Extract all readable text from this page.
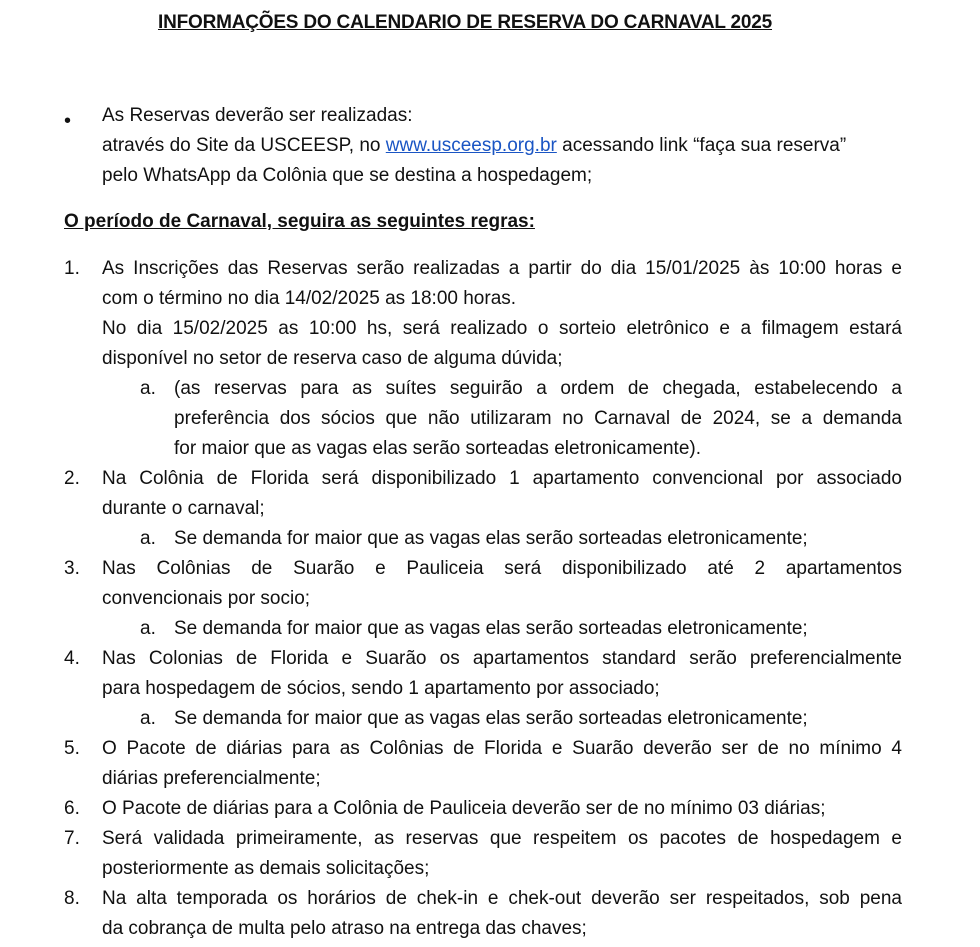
INFORMAÇÕES DO CALENDARIO DE RESERVA DO CARNAVAL 2025
• As Reservas deverão ser realizadas:
através do Site da USCEESP, no www.usceesp.org.br acessando link “faça sua reserva”
pelo WhatsApp da Colônia que se destina a hospedagem;
O período de Carnaval, seguira as seguintes regras:
1. As Inscrições das Reservas serão realizadas a partir do dia 15/01/2025 às 10:00 horas e
com o término no dia 14/02/2025 as 18:00 horas.
No dia 15/02/2025 as 10:00 hs, será realizado o sorteio eletrônico e a filmagem estará
disponível no setor de reserva caso de alguma dúvida;
a. (as reservas para as suítes seguirão a ordem de chegada, estabelecendo a
preferência dos sócios que não utilizaram no Carnaval de 2024, se a demanda
for maior que as vagas elas serão sorteadas eletronicamente).
2. Na Colônia de Florida será disponibilizado 1 apartamento convencional por associado
durante o carnaval;
a. Se demanda for maior que as vagas elas serão sorteadas eletronicamente;
3. Nas Colônias de Suarão e Pauliceia será disponibilizado até 2 apartamentos
convencionais por socio;
a. Se demanda for maior que as vagas elas serão sorteadas eletronicamente;
4. Nas Colonias de Florida e Suarão os apartamentos standard serão preferencialmente
para hospedagem de sócios, sendo 1 apartamento por associado;
a. Se demanda for maior que as vagas elas serão sorteadas eletronicamente;
5. O Pacote de diárias para as Colônias de Florida e Suarão deverão ser de no mínimo 4
diárias preferencialmente;
6. O Pacote de diárias para a Colônia de Pauliceia deverão ser de no mínimo 03 diárias;
7. Será validada primeiramente, as reservas que respeitem os pacotes de hospedagem e
posteriormente as demais solicitações;
8. Na alta temporada os horários de chek-in e chek-out deverão ser respeitados, sob pena
da cobrança de multa pelo atraso na entrega das chaves;
